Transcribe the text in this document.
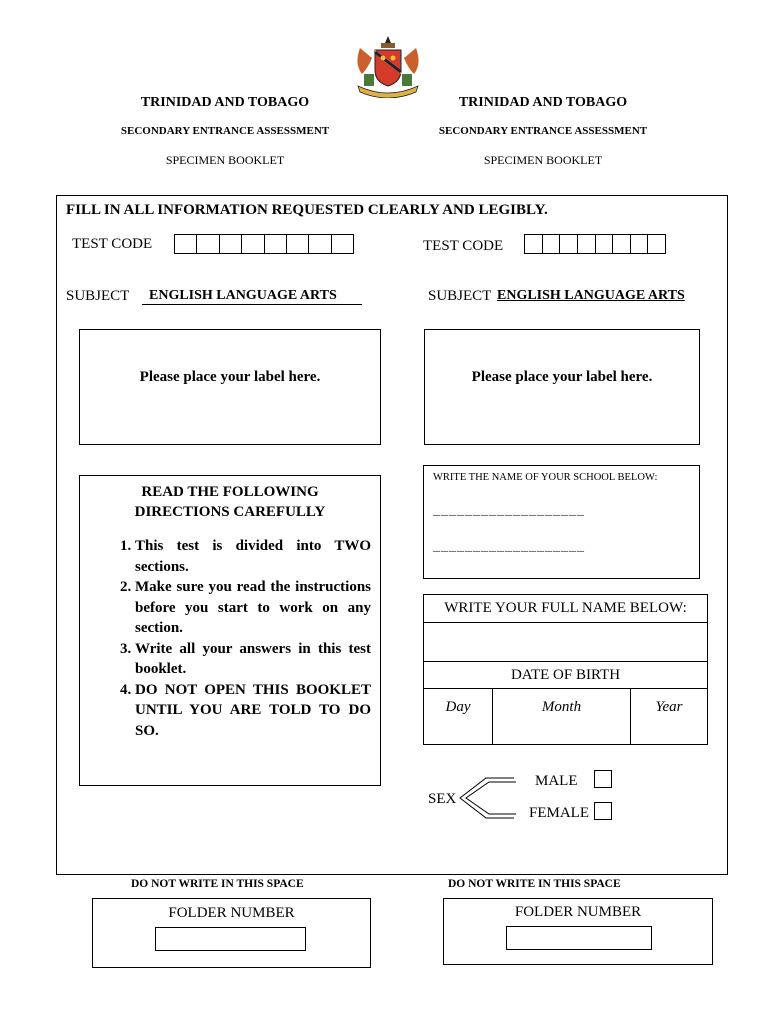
TRINIDAD AND TOBAGO
SECONDARY ENTRANCE ASSESSMENT
SPECIMEN BOOKLET
TRINIDAD AND TOBAGO
SECONDARY ENTRANCE ASSESSMENT
SPECIMEN BOOKLET
FILL IN ALL INFORMATION REQUESTED CLEARLY AND LEGIBLY.
TEST CODE	TEST CODE
SUBJECT	ENGLISH LANGUAGE ARTS	SUBJECT ENGLISH LANGUAGE ARTS
Please place your label here.	Please place your label here.
READ THE FOLLOWING DIRECTIONS CAREFULLY
1. This test is divided into TWO sections.
2. Make sure you read the instructions before you start to work on any section.
3. Write all your answers in this test booklet.
4. DO NOT OPEN THIS BOOKLET UNTIL YOU ARE TOLD TO DO SO.
WRITE THE NAME OF YOUR SCHOOL BELOW:
___________________
___________________
WRITE YOUR FULL NAME BELOW:
DATE OF BIRTH
Day	Month	Year
SEX
MALE
FEMALE
DO NOT WRITE IN THIS SPACE
FOLDER NUMBER
DO NOT WRITE IN THIS SPACE
FOLDER NUMBER
